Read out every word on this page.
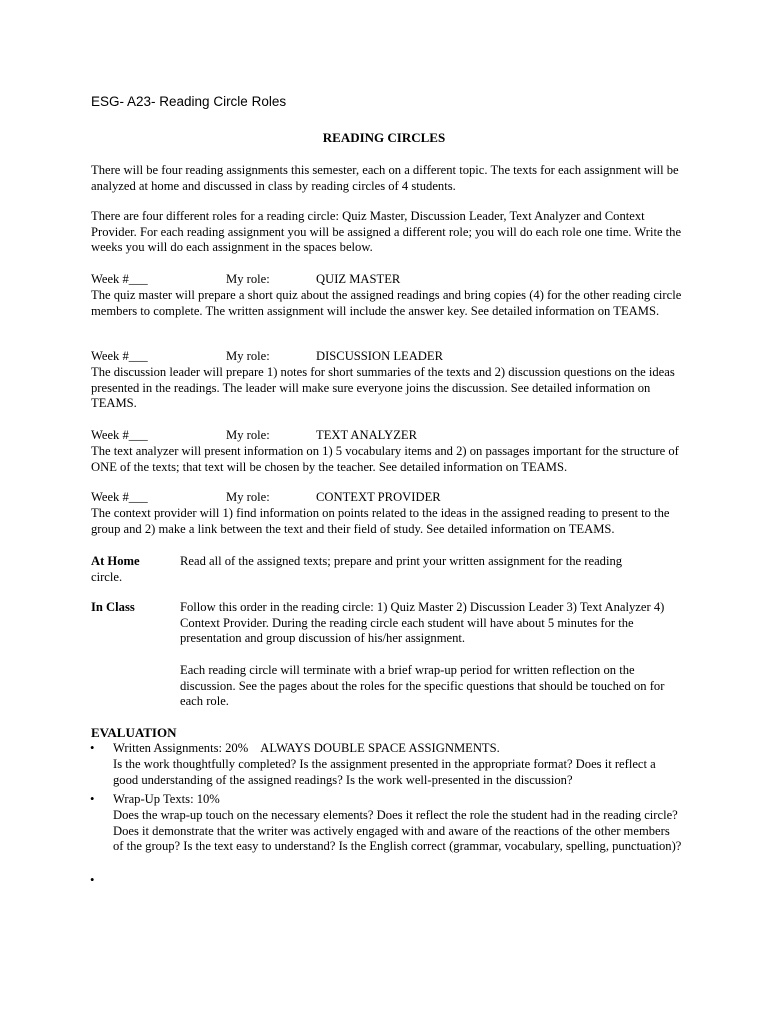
ESG- A23- Reading Circle Roles
READING CIRCLES

There will be four reading assignments this semester, each on a different topic. The texts for each assignment will be analyzed at home and discussed in class by reading circles of 4 students.

There are four different roles for a reading circle: Quiz Master, Discussion Leader, Text Analyzer and Context Provider. For each reading assignment you will be assigned a different role; you will do each role one time. Write the weeks you will do each assignment in the spaces below.

Week #___	My role:	QUIZ MASTER

The quiz master will prepare a short quiz about the assigned readings and bring copies (4) for the other reading circle members to complete. The written assignment will include the answer key. See detailed information on TEAMS.

Week #___	My role:	DISCUSSION LEADER

The discussion leader will prepare 1) notes for short summaries of the texts and 2) discussion questions on the ideas presented in the readings. The leader will make sure everyone joins the discussion. See detailed information on TEAMS.

Week #___	My role:	TEXT ANALYZER

The text analyzer will present information on 1) 5 vocabulary items and 2) on passages important for the structure of ONE of the texts; that text will be chosen by the teacher. See detailed information on TEAMS.

Week #___	My role:	CONTEXT PROVIDER

The context provider will 1) find information on points related to the ideas in the assigned reading to present to the group and 2) make a link between the text and their field of study. See detailed information on TEAMS.

At Home	Read all of the assigned texts; prepare and print your written assignment for the reading
circle.
In Class	Follow this order in the reading circle: 1) Quiz Master 2) Discussion Leader 3) Text Analyzer 4) Context Provider. During the reading circle each student will have about 5 minutes for the presentation and group discussion of his/her assignment.

Each reading circle will terminate with a brief wrap-up period for written reflection on the discussion. See the pages about the roles for the specific questions that should be touched on for each role.

EVALUATION
• Written Assignments: 20% ALWAYS DOUBLE SPACE ASSIGNMENTS.

Is the work thoughtfully completed? Is the assignment presented in the appropriate format? Does it reflect a good understanding of the assigned readings? Is the work well-presented in the discussion?

• Wrap-Up Texts: 10%

Does the wrap-up touch on the necessary elements? Does it reflect the role the student had in the reading circle? Does it demonstrate that the writer was actively engaged with and aware of the reactions of the other members of the group? Is the text easy to understand? Is the English correct (grammar, vocabulary, spelling, punctuation)?

•
